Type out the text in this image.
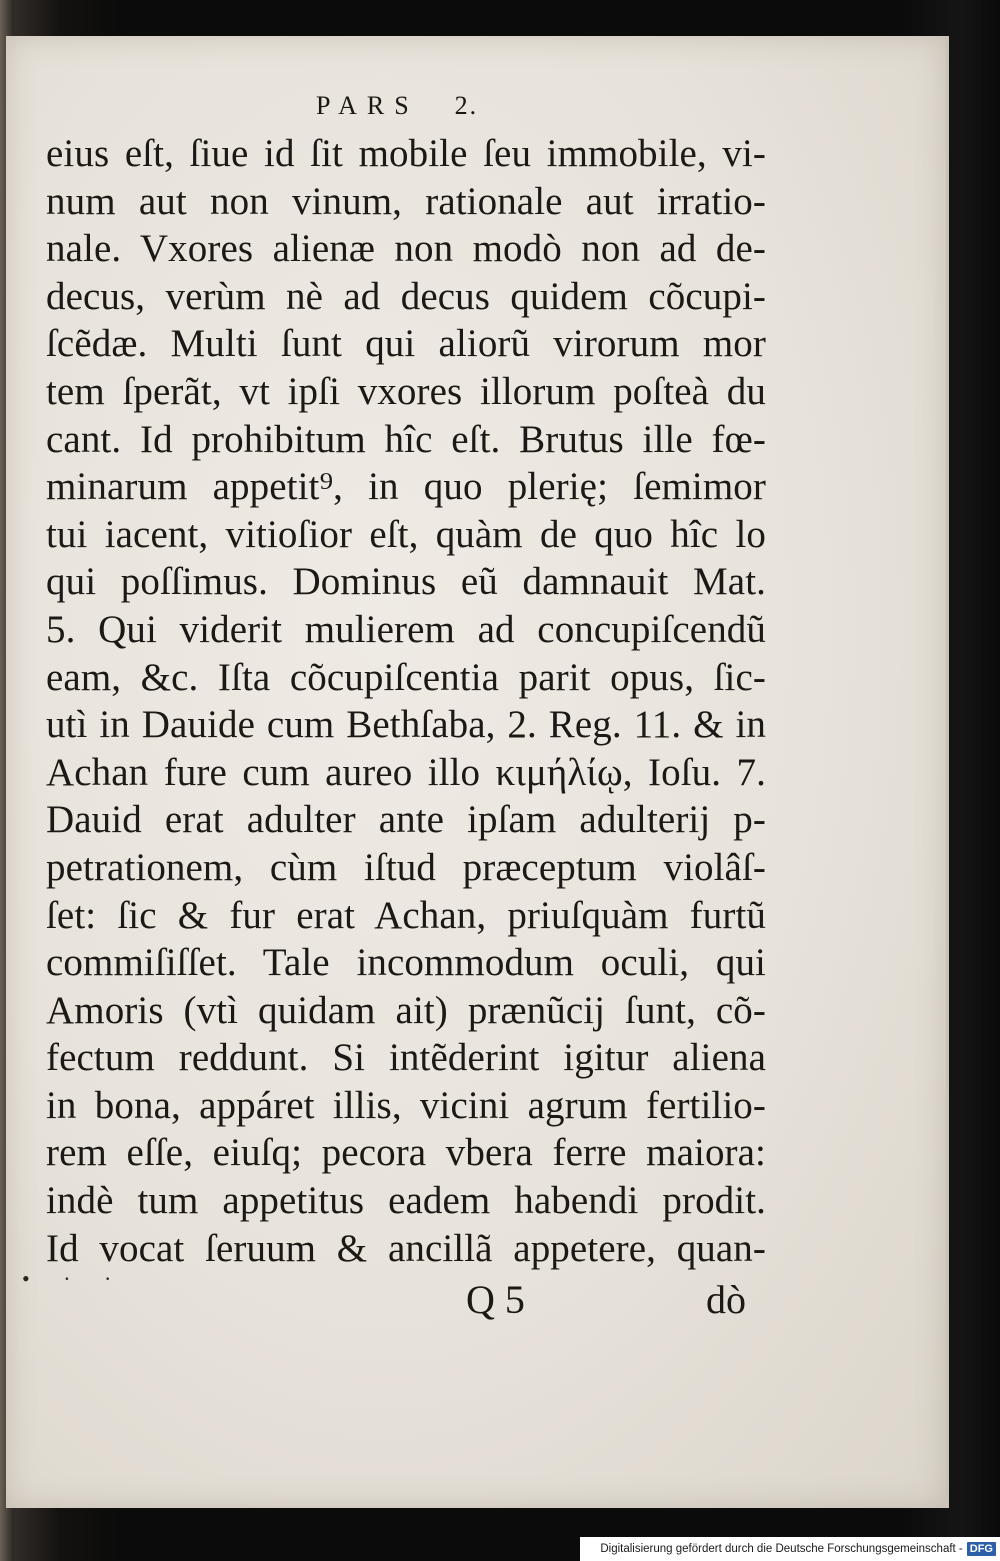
PARS 2.
eius eſt, ſiue id ſit mobile ſeu immobile, vi-
num aut non vinum, rationale aut irratio-
nale. Vxores alienæ non modò non ad de-
decus, verùm nè ad decus quidem cõcupi-
ſcẽdæ. Multi ſunt qui aliorũ virorum mor
tem ſperãt, vt ipſi vxores illorum poſteà du
cant. Id prohibitum hîc eſt. Brutus ille fœ-
minarum appetit⁹, in quo plerię; ſemimor
tui iacent, vitioſior eſt, quàm de quo hîc lo
qui poſſimus. Dominus eũ damnauit Mat.
5. Qui viderit mulierem ad concupiſcendũ
eam, &c. Iſta cõcupiſcentia parit opus, ſic-
utì in Dauide cum Bethſaba, 2. Reg. 11. & in
Achan fure cum aureo illo κιμήλίῳ, Ioſu. 7.
Dauid erat adulter ante ipſam adulterij p-
petrationem, cùm iſtud præceptum violâſ-
ſet: ſic & fur erat Achan, priuſquàm furtũ
commiſiſſet. Tale incommodum oculi, qui
Amoris (vtì quidam ait) prænũcij ſunt, cõ-
fectum reddunt. Si intẽderint igitur aliena
in bona, appáret illis, vicini agrum fertilio-
rem eſſe, eiuſq; pecora vbera ferre maiora:
indè tum appetitus eadem habendi prodit.
Id vocat ſeruum & ancillã appetere, quan-
• · ·	Q 5	dò
Digitalisierung gefördert durch die Deutsche Forschungsgemeinschaft - DFG
